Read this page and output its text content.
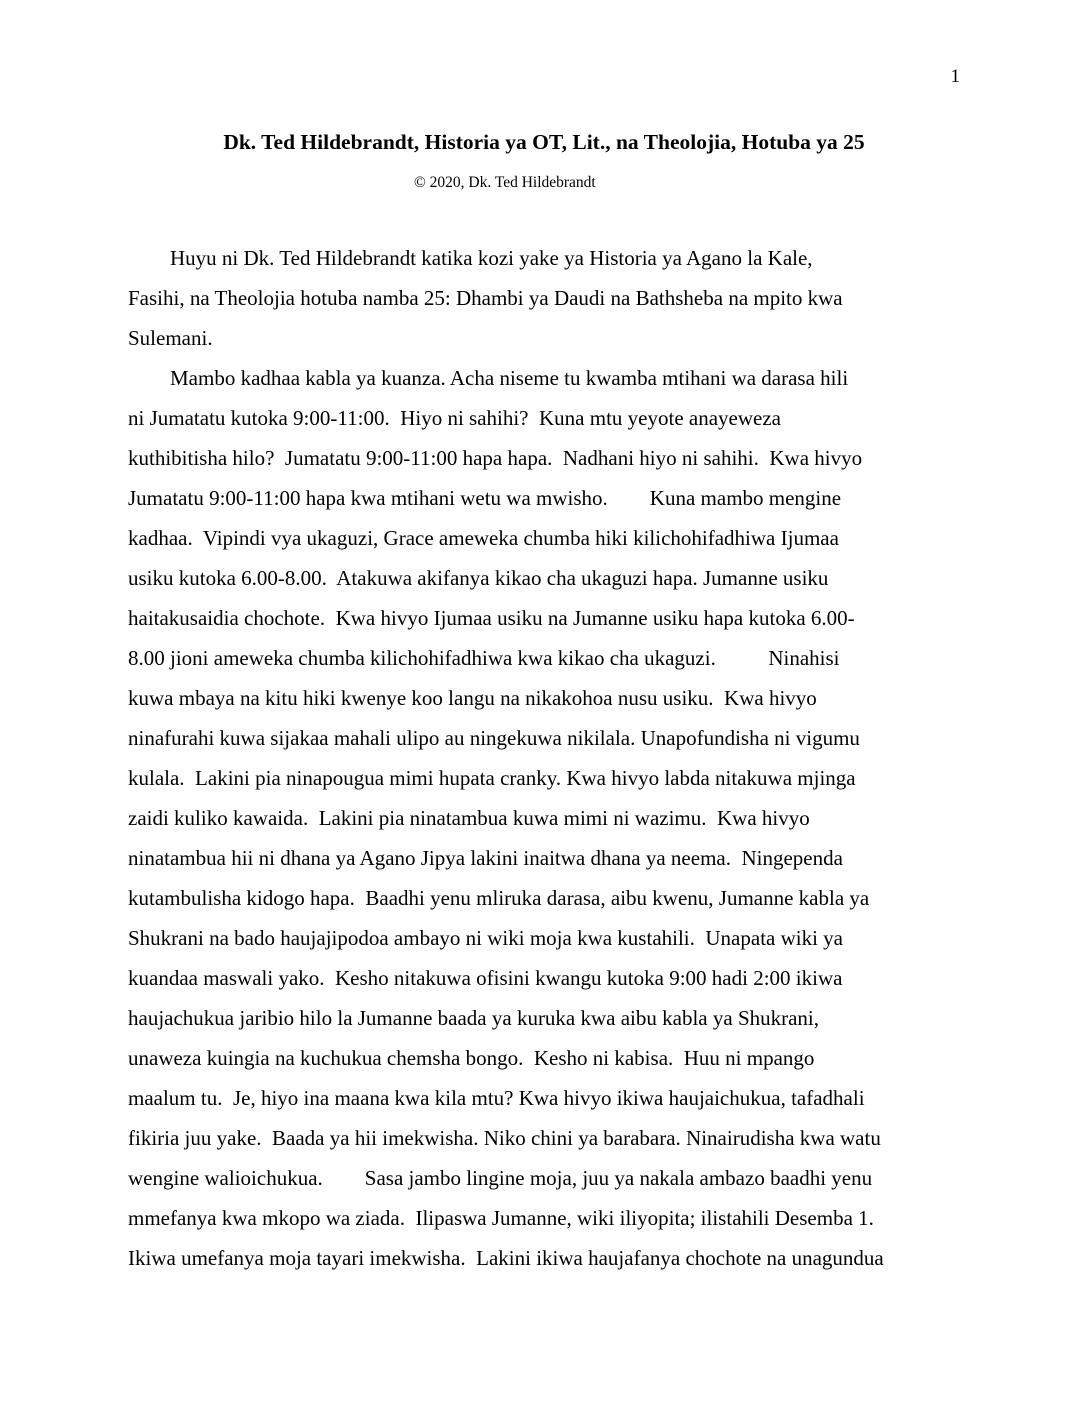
1
Dk. Ted Hildebrandt, Historia ya OT, Lit., na Theolojia, Hotuba ya 25
© 2020, Dk. Ted Hildebrandt
Huyu ni Dk. Ted Hildebrandt katika kozi yake ya Historia ya Agano la Kale,
Fasihi, na Theolojia hotuba namba 25: Dhambi ya Daudi na Bathsheba na mpito kwa
Sulemani.
Mambo kadhaa kabla ya kuanza. Acha niseme tu kwamba mtihani wa darasa hili
ni Jumatatu kutoka 9:00-11:00.  Hiyo ni sahihi?  Kuna mtu yeyote anayeweza
kuthibitisha hilo?  Jumatatu 9:00-11:00 hapa hapa.  Nadhani hiyo ni sahihi.  Kwa hivyo
Jumatatu 9:00-11:00 hapa kwa mtihani wetu wa mwisho.        Kuna mambo mengine
kadhaa.  Vipindi vya ukaguzi, Grace ameweka chumba hiki kilichohifadhiwa Ijumaa
usiku kutoka 6.00-8.00.  Atakuwa akifanya kikao cha ukaguzi hapa. Jumanne usiku
haitakusaidia chochote.  Kwa hivyo Ijumaa usiku na Jumanne usiku hapa kutoka 6.00-
8.00 jioni ameweka chumba kilichohifadhiwa kwa kikao cha ukaguzi.          Ninahisi
kuwa mbaya na kitu hiki kwenye koo langu na nikakohoa nusu usiku.  Kwa hivyo
ninafurahi kuwa sijakaa mahali ulipo au ningekuwa nikilala. Unapofundisha ni vigumu
kulala.  Lakini pia ninapougua mimi hupata cranky. Kwa hivyo labda nitakuwa mjinga
zaidi kuliko kawaida.  Lakini pia ninatambua kuwa mimi ni wazimu.  Kwa hivyo
ninatambua hii ni dhana ya Agano Jipya lakini inaitwa dhana ya neema.  Ningependa
kutambulisha kidogo hapa.  Baadhi yenu mliruka darasa, aibu kwenu, Jumanne kabla ya
Shukrani na bado haujajipodoa ambayo ni wiki moja kwa kustahili.  Unapata wiki ya
kuandaa maswali yako.  Kesho nitakuwa ofisini kwangu kutoka 9:00 hadi 2:00 ikiwa
haujachukua jaribio hilo la Jumanne baada ya kuruka kwa aibu kabla ya Shukrani,
unaweza kuingia na kuchukua chemsha bongo.  Kesho ni kabisa.  Huu ni mpango
maalum tu.  Je, hiyo ina maana kwa kila mtu? Kwa hivyo ikiwa haujaichukua, tafadhali
fikiria juu yake.  Baada ya hii imekwisha. Niko chini ya barabara. Ninairudisha kwa watu
wengine walioichukua.        Sasa jambo lingine moja, juu ya nakala ambazo baadhi yenu
mmefanya kwa mkopo wa ziada.  Ilipaswa Jumanne, wiki iliyopita; ilistahili Desemba 1.
Ikiwa umefanya moja tayari imekwisha.  Lakini ikiwa haujafanya chochote na unagundua
